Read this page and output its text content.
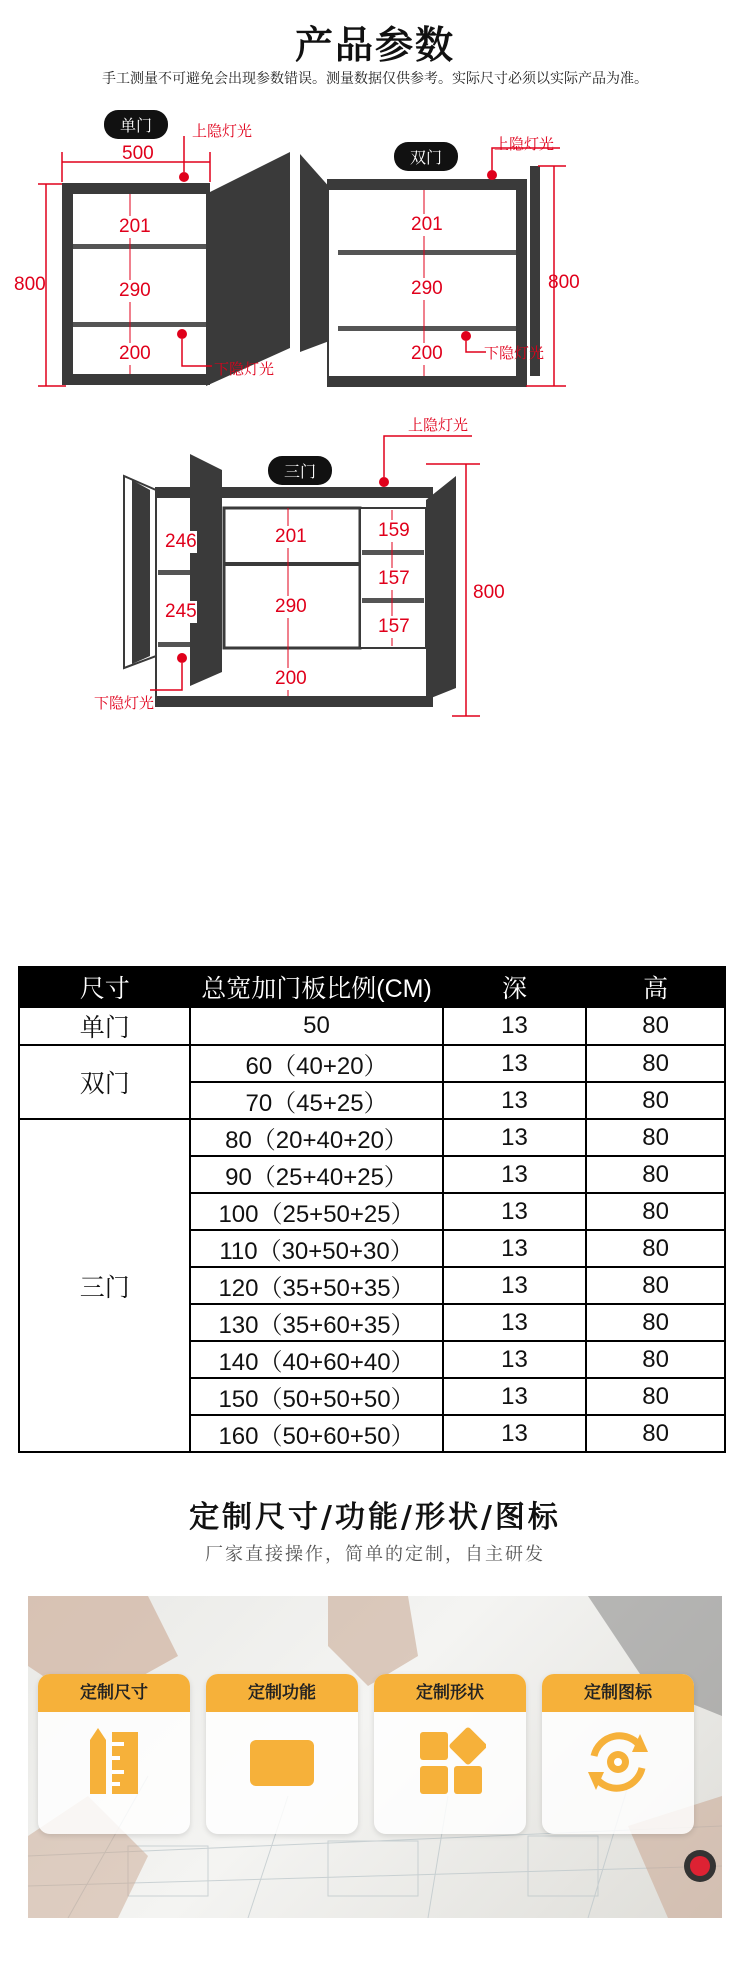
产品参数
手工测量不可避免会出现参数错误。测量数据仅供参考。实际尺寸必须以实际产品为准。
单门
500
800
201
290
200
上隐灯光
下隐灯光
双门
800
201
290
200
上隐灯光
下隐灯光
三门
800
246
245
201
290
200
159
157
157
上隐灯光
下隐灯光
尺寸	总宽加门板比例(CM)	深	高
单门	50	13	80
双门	60（40+20）	13	80
	70（45+25）	13	80
三门	80（20+40+20）	13	80
	90（25+40+25）	13	80
	100（25+50+25）	13	80
	110（30+50+30）	13	80
	120（35+50+35）	13	80
	130（35+60+35）	13	80
	140（40+60+40）	13	80
	150（50+50+50）	13	80
	160（50+60+50）	13	80
定制尺寸/功能/形状/图标
厂家直接操作，简单的定制，自主研发
定制尺寸	定制功能	定制形状	定制图标
